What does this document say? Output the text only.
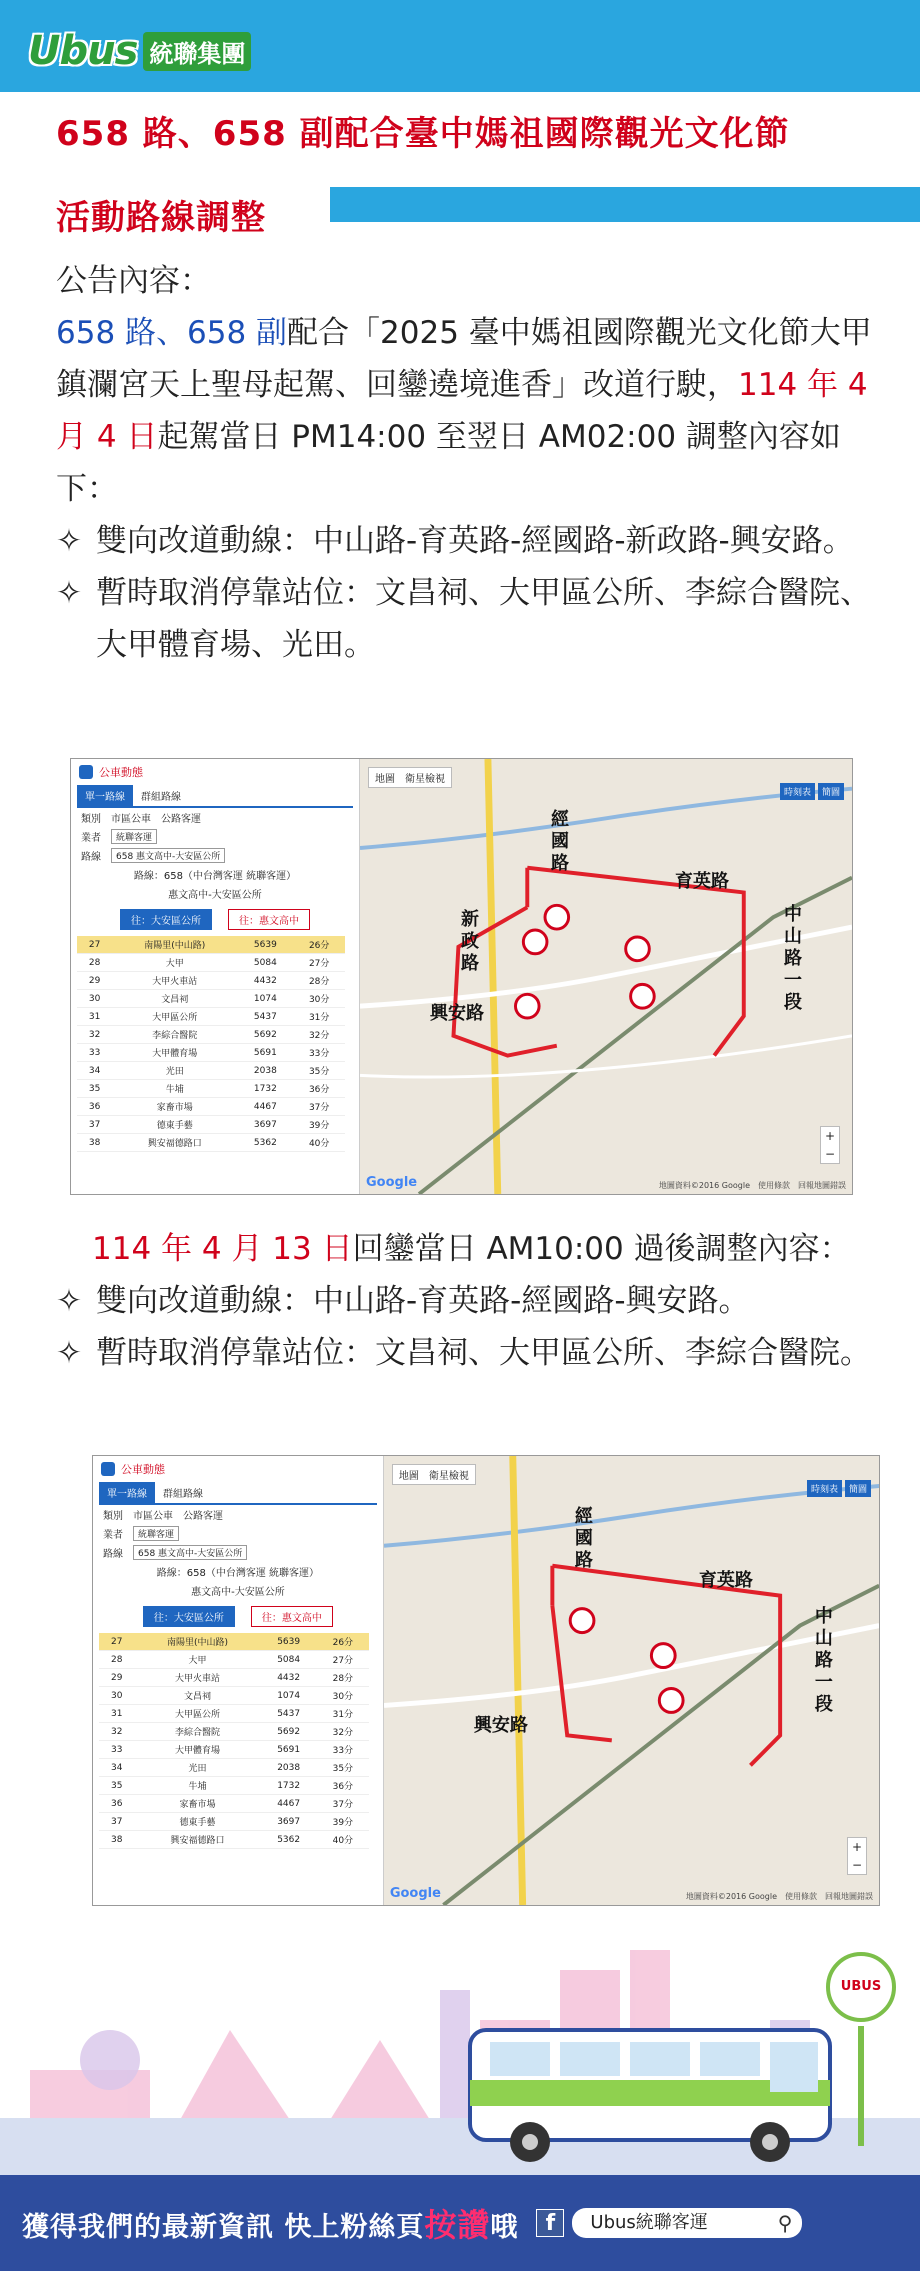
Ubus 統聯集團
658 路、658 副配合臺中媽祖國際觀光文化節
活動路線調整
公告內容：
658 路、658 副配合「2025 臺中媽祖國際觀光文化節大甲鎮瀾宮天上聖母起駕、回鑾遶境進香」改道行駛，114 年 4 月 4 日起駕當日 PM14:00 至翌日 AM02:00 調整內容如下：
✧ 雙向改道動線：中山路-育英路-經國路-新政路-興安路。
✧ 暫時取消停靠站位：文昌祠、大甲區公所、李綜合醫院、大甲體育場、光田。
公車動態
單一路線	群組路線
類別 市區公車 公路客運
業者	統聯客運
路線	658 惠文高中-大安區公所
路線：658（中台灣客運 統聯客運）
惠文高中-大安區公所
往：大安區公所	往：惠文高中
27	南陽里(中山路)	5639	26分
28	大甲	5084	27分
29	大甲火車站	4432	28分
30	文昌祠	1074	30分
31	大甲區公所	5437	31分
32	李綜合醫院	5692	32分
33	大甲體育場	5691	33分
34	光田	2038	35分
35	牛埔	1732	36分
36	家畜市場	4467	37分
37	德東手藝	3697	39分
38	興安福德路口	5362	40分
地圖　 衛星檢視
時刻表	簡圖
經國路
育英路
中山路一段
新政路
興安路
+
−
Google	地圖資料©2016 Google　使用條款　回報地圖錯誤
114 年 4 月 13 日回鑾當日 AM10:00 過後調整內容：
✧ 雙向改道動線：中山路-育英路-經國路-興安路。
✧ 暫時取消停靠站位：文昌祠、大甲區公所、李綜合醫院。
公車動態
單一路線	群組路線
類別 市區公車 公路客運
業者	統聯客運
路線	658 惠文高中-大安區公所
路線：658（中台灣客運 統聯客運）
惠文高中-大安區公所
往：大安區公所	往：惠文高中
27	南陽里(中山路)	5639	26分
28	大甲	5084	27分
29	大甲火車站	4432	28分
30	文昌祠	1074	30分
31	大甲區公所	5437	31分
32	李綜合醫院	5692	32分
33	大甲體育場	5691	33分
34	光田	2038	35分
35	牛埔	1732	36分
36	家畜市場	4467	37分
37	德東手藝	3697	39分
38	興安福德路口	5362	40分
地圖　 衛星檢視
時刻表	簡圖
經國路
育英路
中山路一段
興安路
+
−
Google	地圖資料©2016 Google　使用條款　回報地圖錯誤
UBUS
獲得我們的最新資訊 快上粉絲頁按讚哦	f	Ubus統聯客運	⚲
